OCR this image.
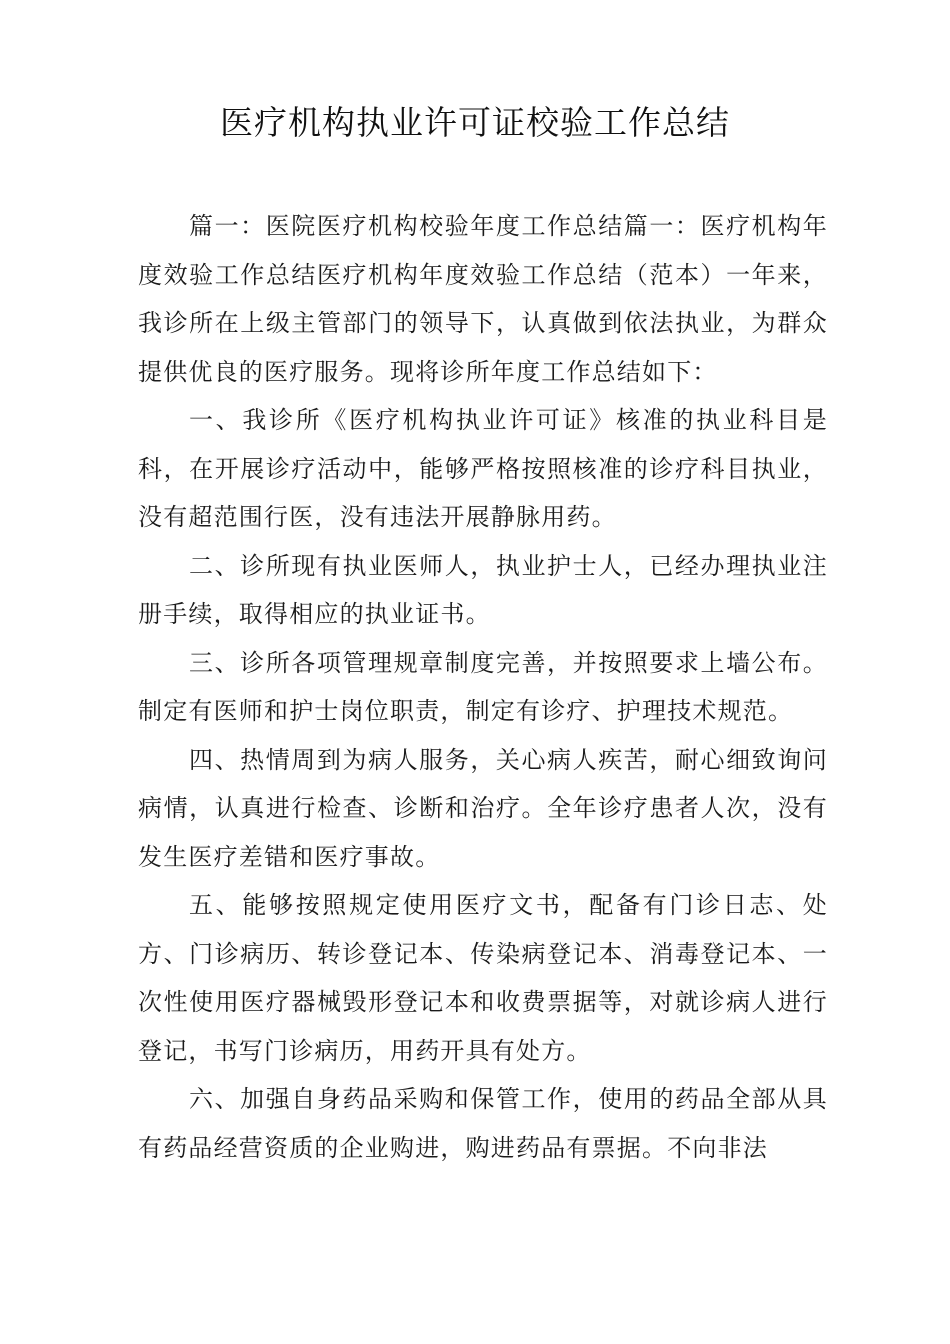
医疗机构执业许可证校验工作总结

篇一：医院医疗机构校验年度工作总结篇一：医疗机构年度效验工作总结医疗机构年度效验工作总结（范本）一年来，我诊所在上级主管部门的领导下，认真做到依法执业，为群众提供优良的医疗服务。现将诊所年度工作总结如下：

一、我诊所《医疗机构执业许可证》核准的执业科目是科，在开展诊疗活动中，能够严格按照核准的诊疗科目执业，没有超范围行医，没有违法开展静脉用药。

二、诊所现有执业医师人，执业护士人，已经办理执业注册手续，取得相应的执业证书。

三、诊所各项管理规章制度完善，并按照要求上墙公布。制定有医师和护士岗位职责，制定有诊疗、护理技术规范。

四、热情周到为病人服务，关心病人疾苦，耐心细致询问病情，认真进行检查、诊断和治疗。全年诊疗患者人次，没有发生医疗差错和医疗事故。

五、能够按照规定使用医疗文书，配备有门诊日志、处方、门诊病历、转诊登记本、传染病登记本、消毒登记本、一次性使用医疗器械毁形登记本和收费票据等，对就诊病人进行登记，书写门诊病历，用药开具有处方。

六、加强自身药品采购和保管工作，使用的药品全部从具有药品经营资质的企业购进，购进药品有票据。不向非法
